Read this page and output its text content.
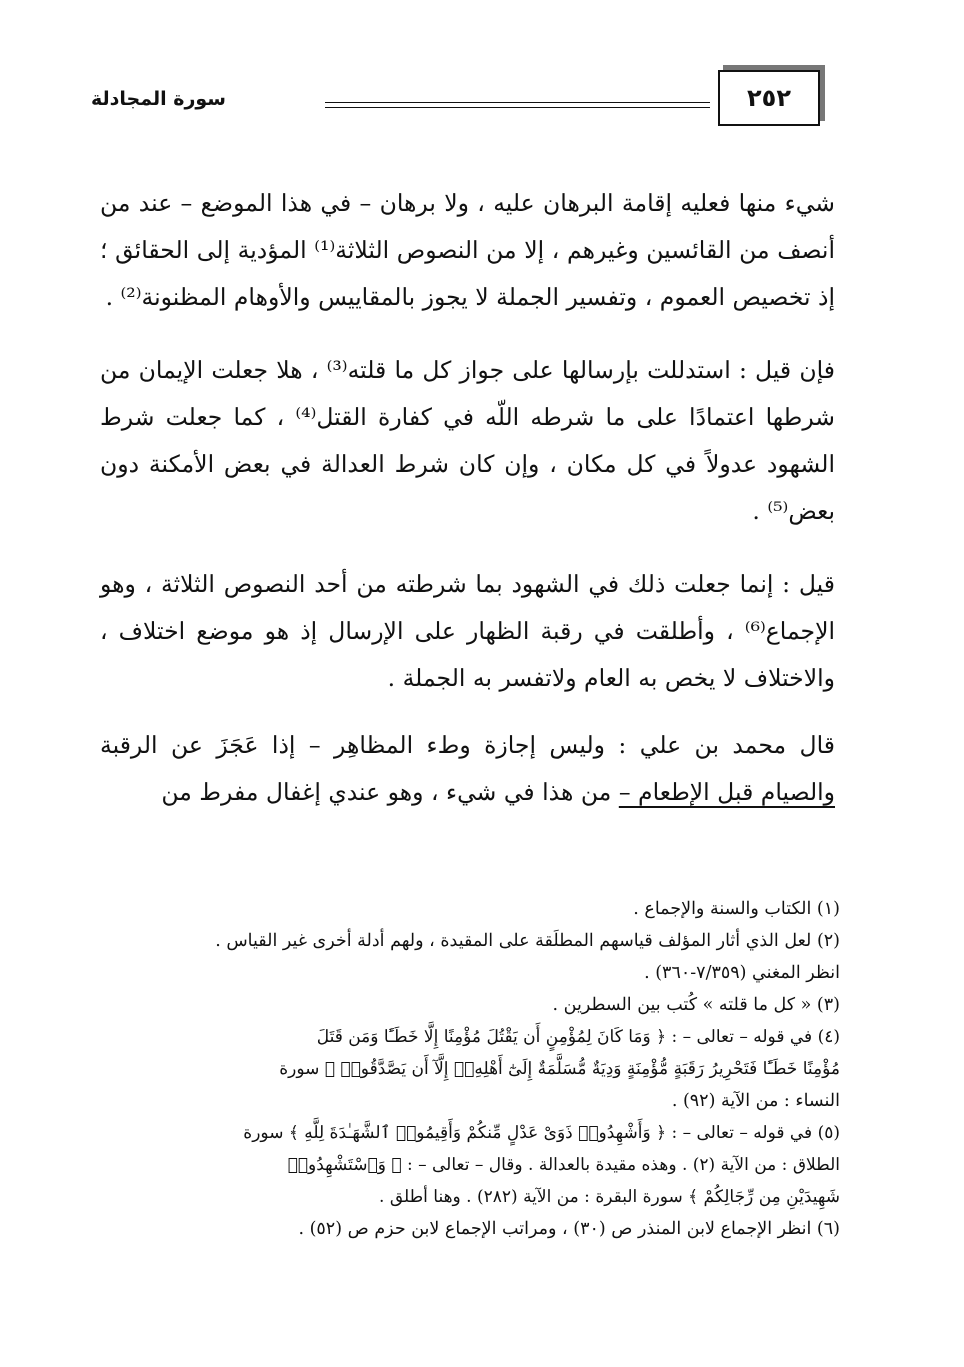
٢٥٢
سورة المجادلة

شيء منها فعليه إقامة البرهان عليه ، ولا برهان – في هذا الموضع – عند من أنصف من القائسين وغيرهم ، إلا من النصوص الثلاثة⁽¹⁾ المؤدية إلى الحقائق ؛ إذ تخصيص العموم ، وتفسير الجملة لا يجوز بالمقاييس والأوهام المظنونة⁽²⁾ .

فإن قيل : استدللت بإرسالها على جواز كل ما قلته⁽³⁾ ، هلا جعلت الإيمان من شرطها اعتمادًا على ما شرطه اللّه في كفارة القتل⁽⁴⁾ ، كما جعلت شرط الشهود عدولاً في كل مكان ، وإن كان شرط العدالة في بعض الأمكنة دون بعض⁽⁵⁾ .

قيل : إنما جعلت ذلك في الشهود بما شرطته من أحد النصوص الثلاثة ، وهو الإجماع⁽⁶⁾ ، وأطلقت في رقبة الظهار على الإرسال إذ هو موضع اختلاف ، والاختلاف لا يخص به العام ولاتفسر به الجملة .

قال محمد بن علي : وليس إجازة وطء المظاهِر – إذا عَجَزَ عن الرقبة والصيام قبل الإطعام – من هذا في شيء ، وهو عندي إغفال مفرط من

(١) الكتاب والسنة والإجماع .

(٢) لعل الذي أثار المؤلف قياسهم المطلَقة على المقيدة ، ولهم أدلة أخرى غير القياس .

انظر المغني (٧/٣٥٩-٣٦٠) .

(٣) « كل ما قلته » كُتب بين السطرين .

(٤) في قوله – تعالى – : ﴿ وَمَا كَانَ لِمُؤْمِنٍ أَن يَقْتُلَ مُؤْمِنًا إِلَّا خَطَـًٔا وَمَن قَتَلَ

مُؤْمِنًا خَطَـًٔا فَتَحْرِيرُ رَقَبَةٍ مُّؤْمِنَةٍ وَدِيَةٌ مُّسَلَّمَةٌ إِلَىٰٓ أَهْلِهِۦٓ إِلَّآ أَن يَصَّدَّقُوا۟ ﴾ سورة

النساء : من الآية (٩٢) .

(٥) في قوله – تعالى – : ﴿ وَأَشْهِدُوا۟ ذَوَىْ عَدْلٍ مِّنكُمْ وَأَقِيمُوا۟ ٱلشَّهَـٰدَةَ لِلَّهِ ﴾ سورة

الطلاق : من الآية (٢) . وهذه مقيدة بالعدالة . وقال – تعالى – : ﴿ وَٱسْتَشْهِدُوا۟

شَهِيدَيْنِ مِن رِّجَالِكُمْ ﴾ سورة البقرة : من الآية (٢٨٢) . وهنا أطلق .

(٦) انظر الإجماع لابن المنذر ص (٣٠) ، ومراتب الإجماع لابن حزم ص (٥٢) .
